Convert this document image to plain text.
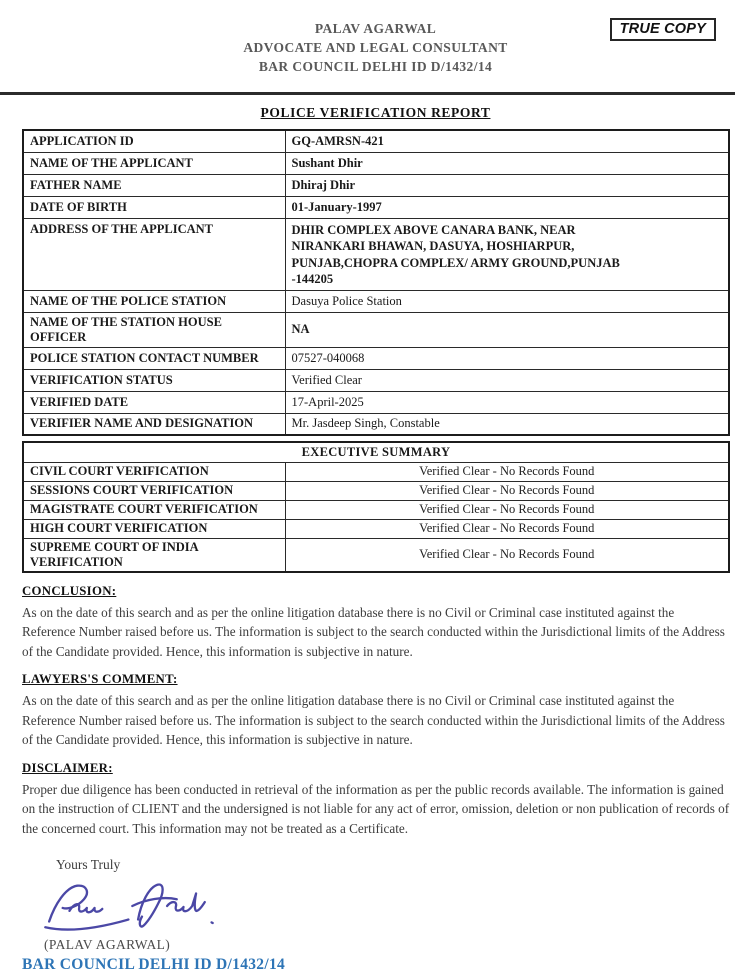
TRUE COPY
PALAV AGARWAL
ADVOCATE AND LEGAL CONSULTANT
BAR COUNCIL DELHI ID D/1432/14
POLICE VERIFICATION REPORT
APPLICATION ID	GQ-AMRSN-421
NAME OF THE APPLICANT	Sushant Dhir
FATHER NAME	Dhiraj Dhir
DATE OF BIRTH	01-January-1997
ADDRESS OF THE APPLICANT	DHIR COMPLEX ABOVE CANARA BANK, NEAR NIRANKARI BHAWAN, DASUYA, HOSHIARPUR, PUNJAB,CHOPRA COMPLEX/ ARMY GROUND,PUNJAB -144205
NAME OF THE POLICE STATION	Dasuya Police Station
NAME OF THE STATION HOUSE OFFICER	NA
POLICE STATION CONTACT NUMBER	07527-040068
VERIFICATION STATUS	Verified Clear
VERIFIED DATE	17-April-2025
VERIFIER NAME AND DESIGNATION	Mr. Jasdeep Singh, Constable
EXECUTIVE SUMMARY	
CIVIL COURT VERIFICATION	Verified Clear - No Records Found
SESSIONS COURT VERIFICATION	Verified Clear - No Records Found
MAGISTRATE COURT VERIFICATION	Verified Clear - No Records Found
HIGH COURT VERIFICATION	Verified Clear - No Records Found
SUPREME COURT OF INDIA VERIFICATION	Verified Clear - No Records Found
CONCLUSION:
As on the date of this search and as per the online litigation database there is no Civil or Criminal case instituted against the Reference Number raised before us. The information is subject to the search conducted within the Jurisdictional limits of the Address of the Candidate provided. Hence, this information is subjective in nature.
LAWYERS'S COMMENT:
As on the date of this search and as per the online litigation database there is no Civil or Criminal case instituted against the Reference Number raised before us. The information is subject to the search conducted within the Jurisdictional limits of the Address of the Candidate provided. Hence, this information is subjective in nature.
DISCLAIMER:
Proper due diligence has been conducted in retrieval of the information as per the public records available. The information is gained on the instruction of CLIENT and the undersigned is not liable for any act of error, omission, deletion or non publication of records of the concerned court. This information may not be treated as a Certificate.
Yours Truly
(PALAV AGARWAL)
BAR COUNCIL DELHI ID D/1432/14
